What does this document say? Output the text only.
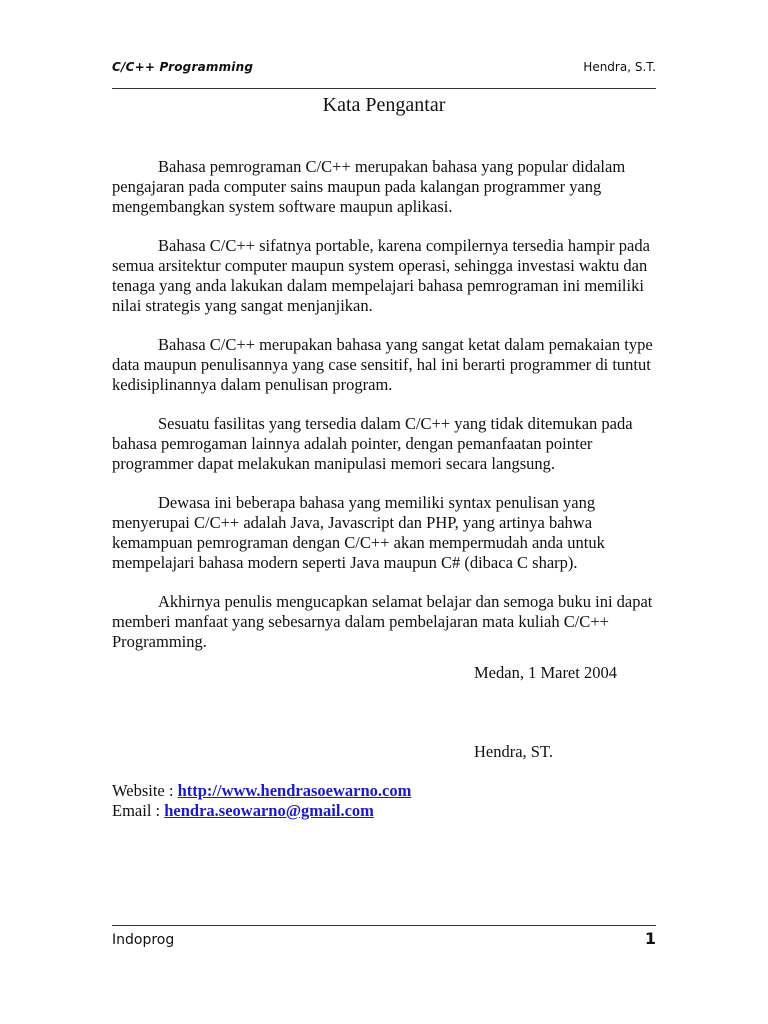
C/C++ Programming	Hendra, S.T.
Kata Pengantar

Bahasa pemrograman C/C++ merupakan bahasa yang popular didalam pengajaran pada computer sains maupun pada kalangan programmer yang mengembangkan system software maupun aplikasi.

Bahasa C/C++ sifatnya portable, karena compilernya tersedia hampir pada semua arsitektur computer maupun system operasi, sehingga investasi waktu dan tenaga yang anda lakukan dalam mempelajari bahasa pemrograman ini memiliki nilai strategis yang sangat menjanjikan.

Bahasa C/C++ merupakan bahasa yang sangat ketat dalam pemakaian type data maupun penulisannya yang case sensitif, hal ini berarti programmer di tuntut kedisiplinannya dalam penulisan program.

Sesuatu fasilitas yang tersedia dalam C/C++ yang tidak ditemukan pada bahasa pemrogaman lainnya adalah pointer, dengan pemanfaatan pointer programmer dapat melakukan manipulasi memori secara langsung.

Dewasa ini beberapa bahasa yang memiliki syntax penulisan yang menyerupai C/C++ adalah Java, Javascript dan PHP, yang artinya bahwa kemampuan pemrograman dengan C/C++ akan mempermudah anda untuk mempelajari bahasa modern seperti Java maupun C# (dibaca C sharp).

Akhirnya penulis mengucapkan selamat belajar dan semoga buku ini dapat memberi manfaat yang sebesarnya dalam pembelajaran mata kuliah C/C++ Programming.

Medan, 1 Maret 2004
Hendra, ST.
Website : http://www.hendrasoewarno.com
Email : hendra.seowarno@gmail.com
Indoprog	1
